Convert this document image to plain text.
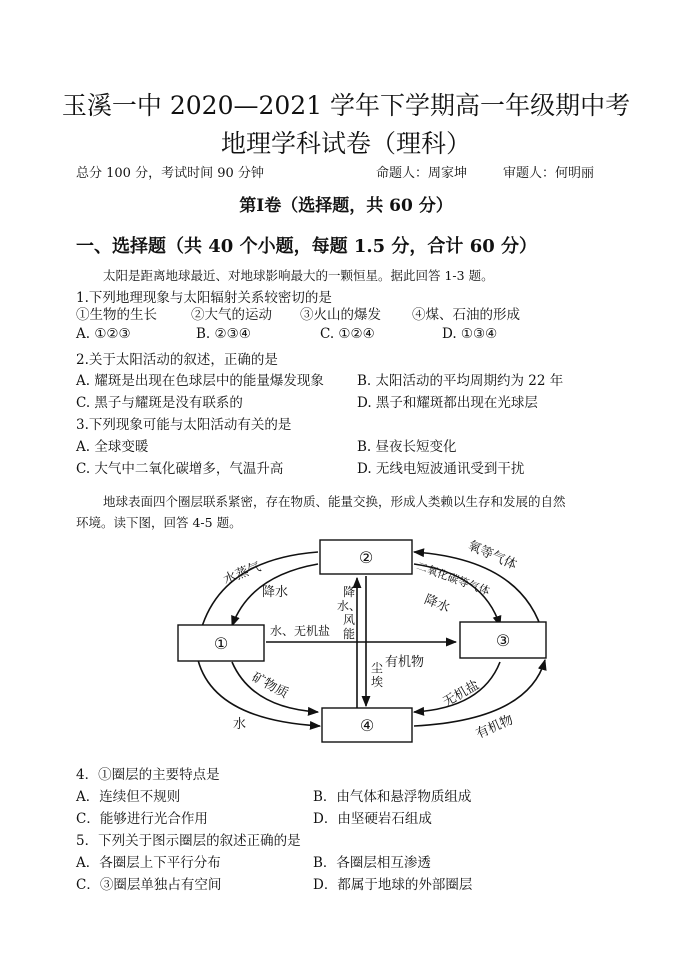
玉溪一中 2020—2021 学年下学期高一年级期中考
地理学科试卷（理科）
总分 100 分，考试时间 90 分钟	命题人：周家坤	审题人：何明丽
第Ⅰ卷（选择题，共 60 分）
一、选择题（共 40 个小题，每题 1.5 分，合计 60 分）
太阳是距离地球最近、对地球影响最大的一颗恒星。据此回答 1-3 题。
1.下列地理现象与太阳辐射关系较密切的是
①生物的生长	②大气的运动 ③火山的爆发 ④煤、石油的形成
A. ①②③	B. ②③④	C. ①②④	D. ①③④
2.关于太阳活动的叙述，正确的是
A. 耀斑是出现在色球层中的能量爆发现象 B. 太阳活动的平均周期约为 22 年
C. 黑子与耀斑是没有联系的	D. 黑子和耀斑都出现在光球层
3.下列现象可能与太阳活动有关的是
A. 全球变暖	B. 昼夜长短变化
C. 大气中二氧化碳增多，气温升高	D. 无线电短波通讯受到干扰
地球表面四个圈层联系紧密，存在物质、能量交换，形成人类赖以生存和发展的自然
环境。读下图，回答 4-5 题。
②
①	③
④
水蒸气
氧等气体
有机物
水
降水	二氧化碳等气体
降水
矿物质	无机盐
水、无机盐
有机物
降
水、
风
能
尘
埃
4．①圈层的主要特点是
A．连续但不规则	B．由气体和悬浮物质组成
C．能够进行光合作用	D．由坚硬岩石组成
5．下列关于图示圈层的叙述正确的是
A．各圈层上下平行分布	B．各圈层相互渗透
C．③圈层单独占有空间	D．都属于地球的外部圈层
